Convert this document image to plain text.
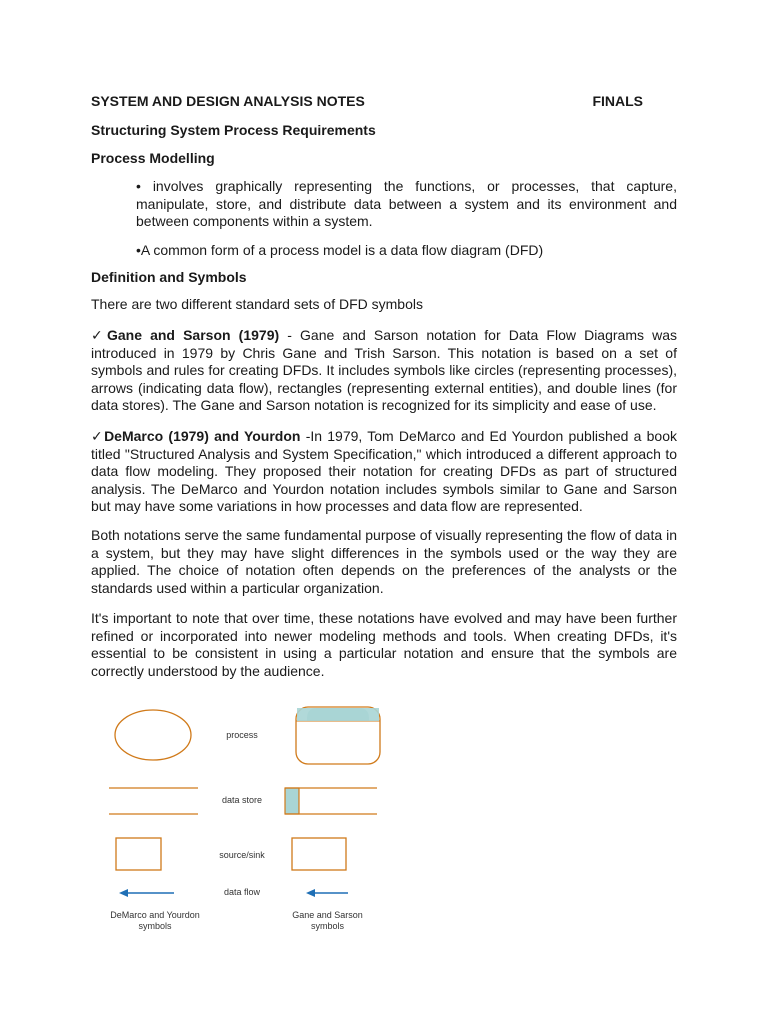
SYSTEM AND DESIGN ANALYSIS NOTES	FINALS
Structuring System Process Requirements
Process Modelling

• involves graphically representing the functions, or processes, that capture, manipulate, store, and distribute data between a system and its environment and between components within a system.

•A common form of a process model is a data flow diagram (DFD)

Definition and Symbols

There are two different standard sets of DFD symbols

✓Gane and Sarson (1979) - Gane and Sarson notation for Data Flow Diagrams was introduced in 1979 by Chris Gane and Trish Sarson. This notation is based on a set of symbols and rules for creating DFDs. It includes symbols like circles (representing processes), arrows (indicating data flow), rectangles (representing external entities), and double lines (for data stores). The Gane and Sarson notation is recognized for its simplicity and ease of use.

✓DeMarco (1979) and Yourdon -In 1979, Tom DeMarco and Ed Yourdon published a book titled "Structured Analysis and System Specification," which introduced a different approach to data flow modeling. They proposed their notation for creating DFDs as part of structured analysis. The DeMarco and Yourdon notation includes symbols similar to Gane and Sarson but may have some variations in how processes and data flow are represented.

Both notations serve the same fundamental purpose of visually representing the flow of data in a system, but they may have slight differences in the symbols used or the way they are applied. The choice of notation often depends on the preferences of the analysts or the standards used within a particular organization.

It's important to note that over time, these notations have evolved and may have been further refined or incorporated into newer modeling methods and tools. When creating DFDs, it's essential to be consistent in using a particular notation and ensure that the symbols are correctly understood by the audience.

process
data store
source/sink
data flow
DeMarco and Yourdon
symbols
Gane and Sarson
symbols
